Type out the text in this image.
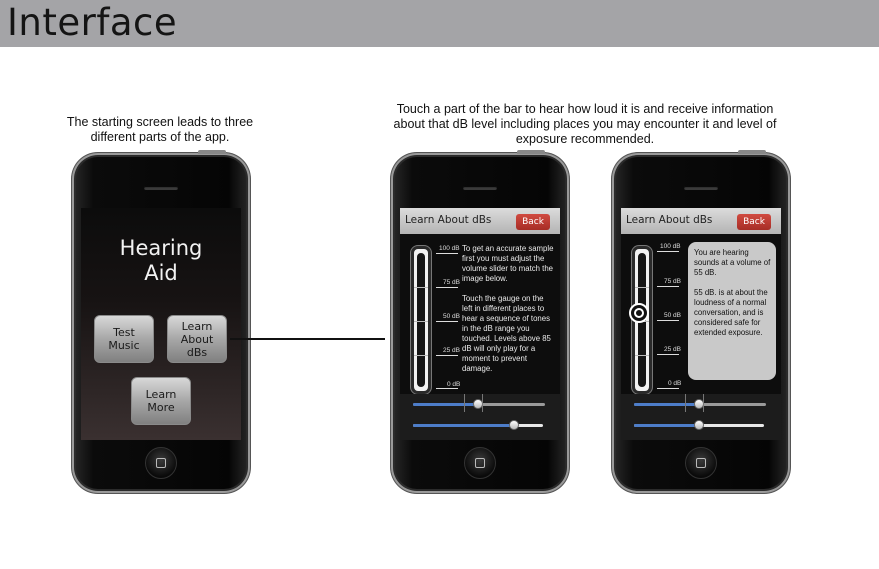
Interface
The starting screen leads to three different parts of the app.
Touch a part of the bar to hear how loud it is and receive information about that dB level including places you may encounter it and level of exposure recommended.
Hearing
Aid
Test Music
Learn About dBs
Learn More
Learn About dBs	Back
100 dB
75 dB
50 dB
25 dB
0 dB
To get an accurate sample first you must adjust the volume slider to match the image below.
Touch the gauge on the left in different places to hear a sequence of tones in the dB range you touched. Levels above 85 dB will only play for a moment to prevent damage.
Learn About dBs	Back
100 dB
75 dB
50 dB
25 dB
0 dB
You are hearing sounds at a volume of 55 dB.
55 dB. is at about the loudness of a normal conversation, and is considered safe for extended exposure.
